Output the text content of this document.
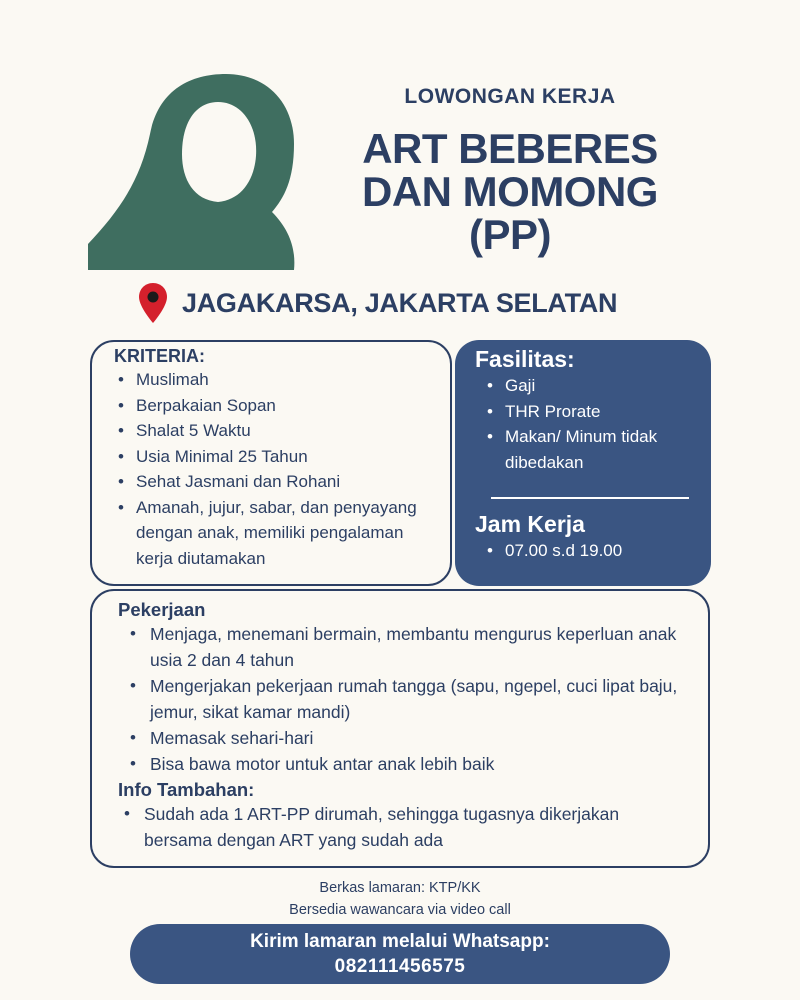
LOWONGAN KERJA
ART BEBERES
DAN MOMONG
(PP)
JAGAKARSA, JAKARTA SELATAN
KRITERIA:
• Muslimah
• Berpakaian Sopan
• Shalat 5 Waktu
• Usia Minimal 25 Tahun
• Sehat Jasmani dan Rohani
• Amanah, jujur, sabar, dan penyayang dengan anak, memiliki pengalaman kerja diutamakan
Fasilitas:
• Gaji
• THR Prorate
• Makan/ Minum tidak dibedakan
Jam Kerja
• 07.00 s.d 19.00
Pekerjaan
• Menjaga, menemani bermain, membantu mengurus keperluan anak usia 2 dan 4 tahun
• Mengerjakan pekerjaan rumah tangga (sapu, ngepel, cuci lipat baju, jemur, sikat kamar mandi)
• Memasak sehari-hari
• Bisa bawa motor untuk antar anak lebih baik
Info Tambahan:
• Sudah ada 1 ART-PP dirumah, sehingga tugasnya dikerjakan bersama dengan ART yang sudah ada
Berkas lamaran: KTP/KK
Bersedia wawancara via video call
Kirim lamaran melalui Whatsapp:
082111456575
